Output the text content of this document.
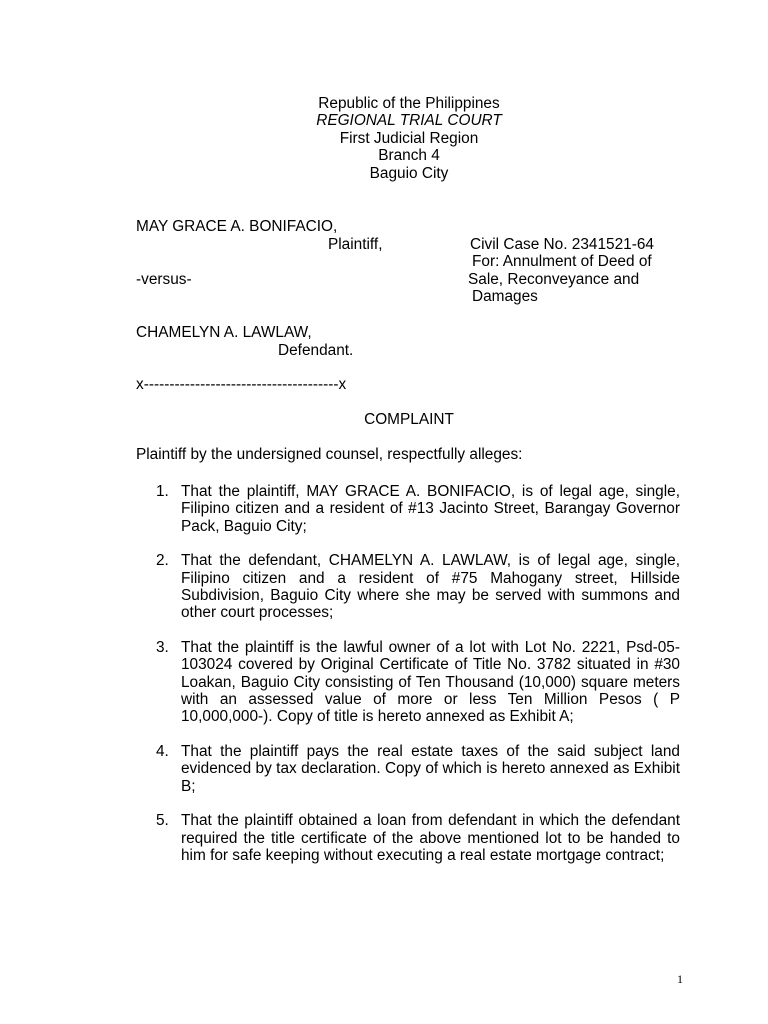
Republic of the Philippines
REGIONAL TRIAL COURT
First Judicial Region
Branch 4
Baguio City
MAY GRACE A. BONIFACIO,
Plaintiff,	Civil Case No. 2341521-64
For: Annulment of Deed of
-versus-	Sale, Reconveyance and
Damages
CHAMELYN A. LAWLAW,
Defendant.
x--------------------------------------x
COMPLAINT
Plaintiff by the undersigned counsel, respectfully alleges:
1. That the plaintiff, MAY GRACE A. BONIFACIO, is of legal age, single, Filipino citizen and a resident of #13 Jacinto Street, Barangay Governor Pack, Baguio City;
2. That the defendant, CHAMELYN A. LAWLAW, is of legal age, single, Filipino citizen and a resident of #75 Mahogany street, Hillside Subdivision, Baguio City where she may be served with summons and other court processes;
3. That the plaintiff is the lawful owner of a lot with Lot No. 2221, Psd-05-103024 covered by Original Certificate of Title No. 3782 situated in #30 Loakan, Baguio City consisting of Ten Thousand (10,000) square meters with an assessed value of more or less Ten Million Pesos ( P 10,000,000-). Copy of title is hereto annexed as Exhibit A;
4. That the plaintiff pays the real estate taxes of the said subject land evidenced by tax declaration. Copy of which is hereto annexed as Exhibit B;
5. That the plaintiff obtained a loan from defendant in which the defendant required the title certificate of the above mentioned lot to be handed to him for safe keeping without executing a real estate mortgage contract;
1
